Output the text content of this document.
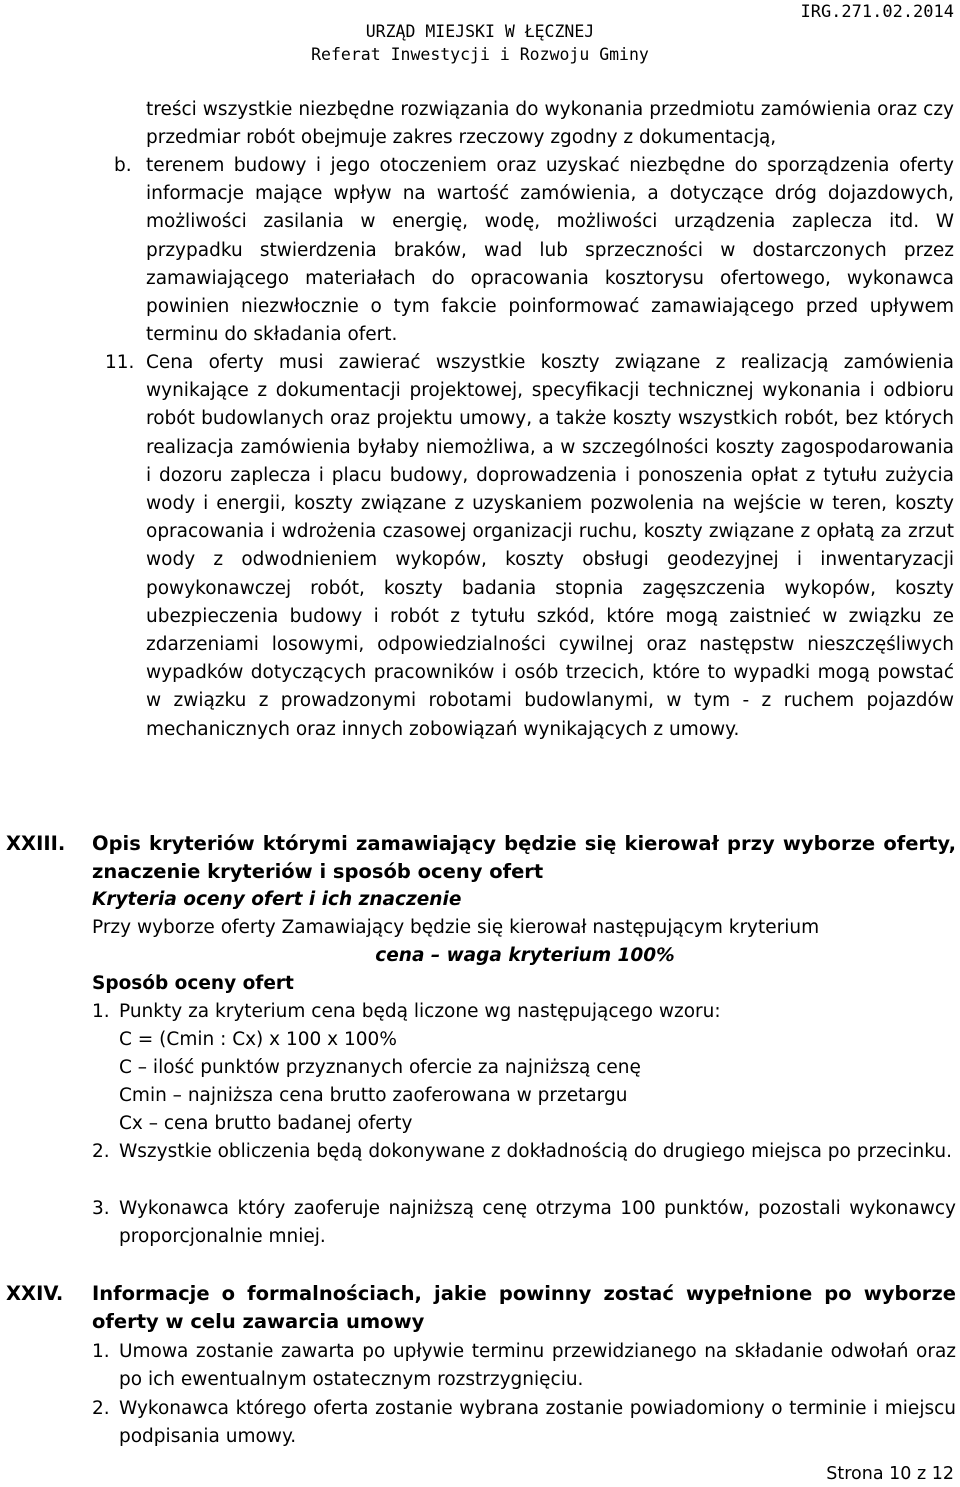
IRG.271.02.2014
URZĄD MIEJSKI W ŁĘCZNEJ
Referat Inwestycji i Rozwoju Gminy
treści wszystkie niezbędne rozwiązania do wykonania przedmiotu zamówienia oraz czy przedmiar robót obejmuje zakres rzeczowy zgodny z dokumentacją,
b. terenem budowy i jego otoczeniem oraz uzyskać niezbędne do sporządzenia oferty informacje mające wpływ na wartość zamówienia, a dotyczące dróg dojazdowych, możliwości zasilania w energię, wodę, możliwości urządzenia zaplecza itd. W przypadku stwierdzenia braków, wad lub sprzeczności w dostarczonych przez zamawiającego materiałach do opracowania kosztorysu ofertowego, wykonawca powinien niezwłocznie o tym fakcie poinformować zamawiającego przed upływem terminu do składania ofert.
11. Cena oferty musi zawierać wszystkie koszty związane z realizacją zamówienia wynikające z dokumentacji projektowej, specyfikacji technicznej wykonania i odbioru robót budowlanych oraz projektu umowy, a także koszty wszystkich robót, bez których realizacja zamówienia byłaby niemożliwa, a w szczególności koszty zagospodarowania i dozoru zaplecza i placu budowy, doprowadzenia i ponoszenia opłat z tytułu zużycia wody i energii, koszty związane z uzyskaniem pozwolenia na wejście w teren, koszty opracowania i wdrożenia czasowej organizacji ruchu, koszty związane z opłatą za zrzut wody z odwodnieniem wykopów, koszty obsługi geodezyjnej i inwentaryzacji powykonawczej robót, koszty badania stopnia zagęszczenia wykopów, koszty ubezpieczenia budowy i robót z tytułu szkód, które mogą zaistnieć w związku ze zdarzeniami losowymi, odpowiedzialności cywilnej oraz następstw nieszczęśliwych wypadków dotyczących pracowników i osób trzecich, które to wypadki mogą powstać w związku z prowadzonymi robotami budowlanymi, w tym - z ruchem pojazdów mechanicznych oraz innych zobowiązań wynikających z umowy.
XXIII. Opis kryteriów którymi zamawiający będzie się kierował przy wyborze oferty, znaczenie kryteriów i sposób oceny ofert
Kryteria oceny ofert i ich znaczenie
Przy wyborze oferty Zamawiający będzie się kierował następującym kryterium
cena – waga kryterium 100%
Sposób oceny ofert
1. Punkty za kryterium cena będą liczone wg następującego wzoru:
C = (Cmin : Cx) x 100 x 100%
C – ilość punktów przyznanych ofercie za najniższą cenę
Cmin – najniższa cena brutto zaoferowana w przetargu
Cx – cena brutto badanej oferty
2. Wszystkie obliczenia będą dokonywane z dokładnością do drugiego miejsca po przecinku.
3. Wykonawca który zaoferuje najniższą cenę otrzyma 100 punktów, pozostali wykonawcy proporcjonalnie mniej.
XXIV. Informacje o formalnościach, jakie powinny zostać wypełnione po wyborze oferty w celu zawarcia umowy
1. Umowa zostanie zawarta po upływie terminu przewidzianego na składanie odwołań oraz po ich ewentualnym ostatecznym rozstrzygnięciu.
2. Wykonawca którego oferta zostanie wybrana zostanie powiadomiony o terminie i miejscu podpisania umowy.
Strona 10 z 12
